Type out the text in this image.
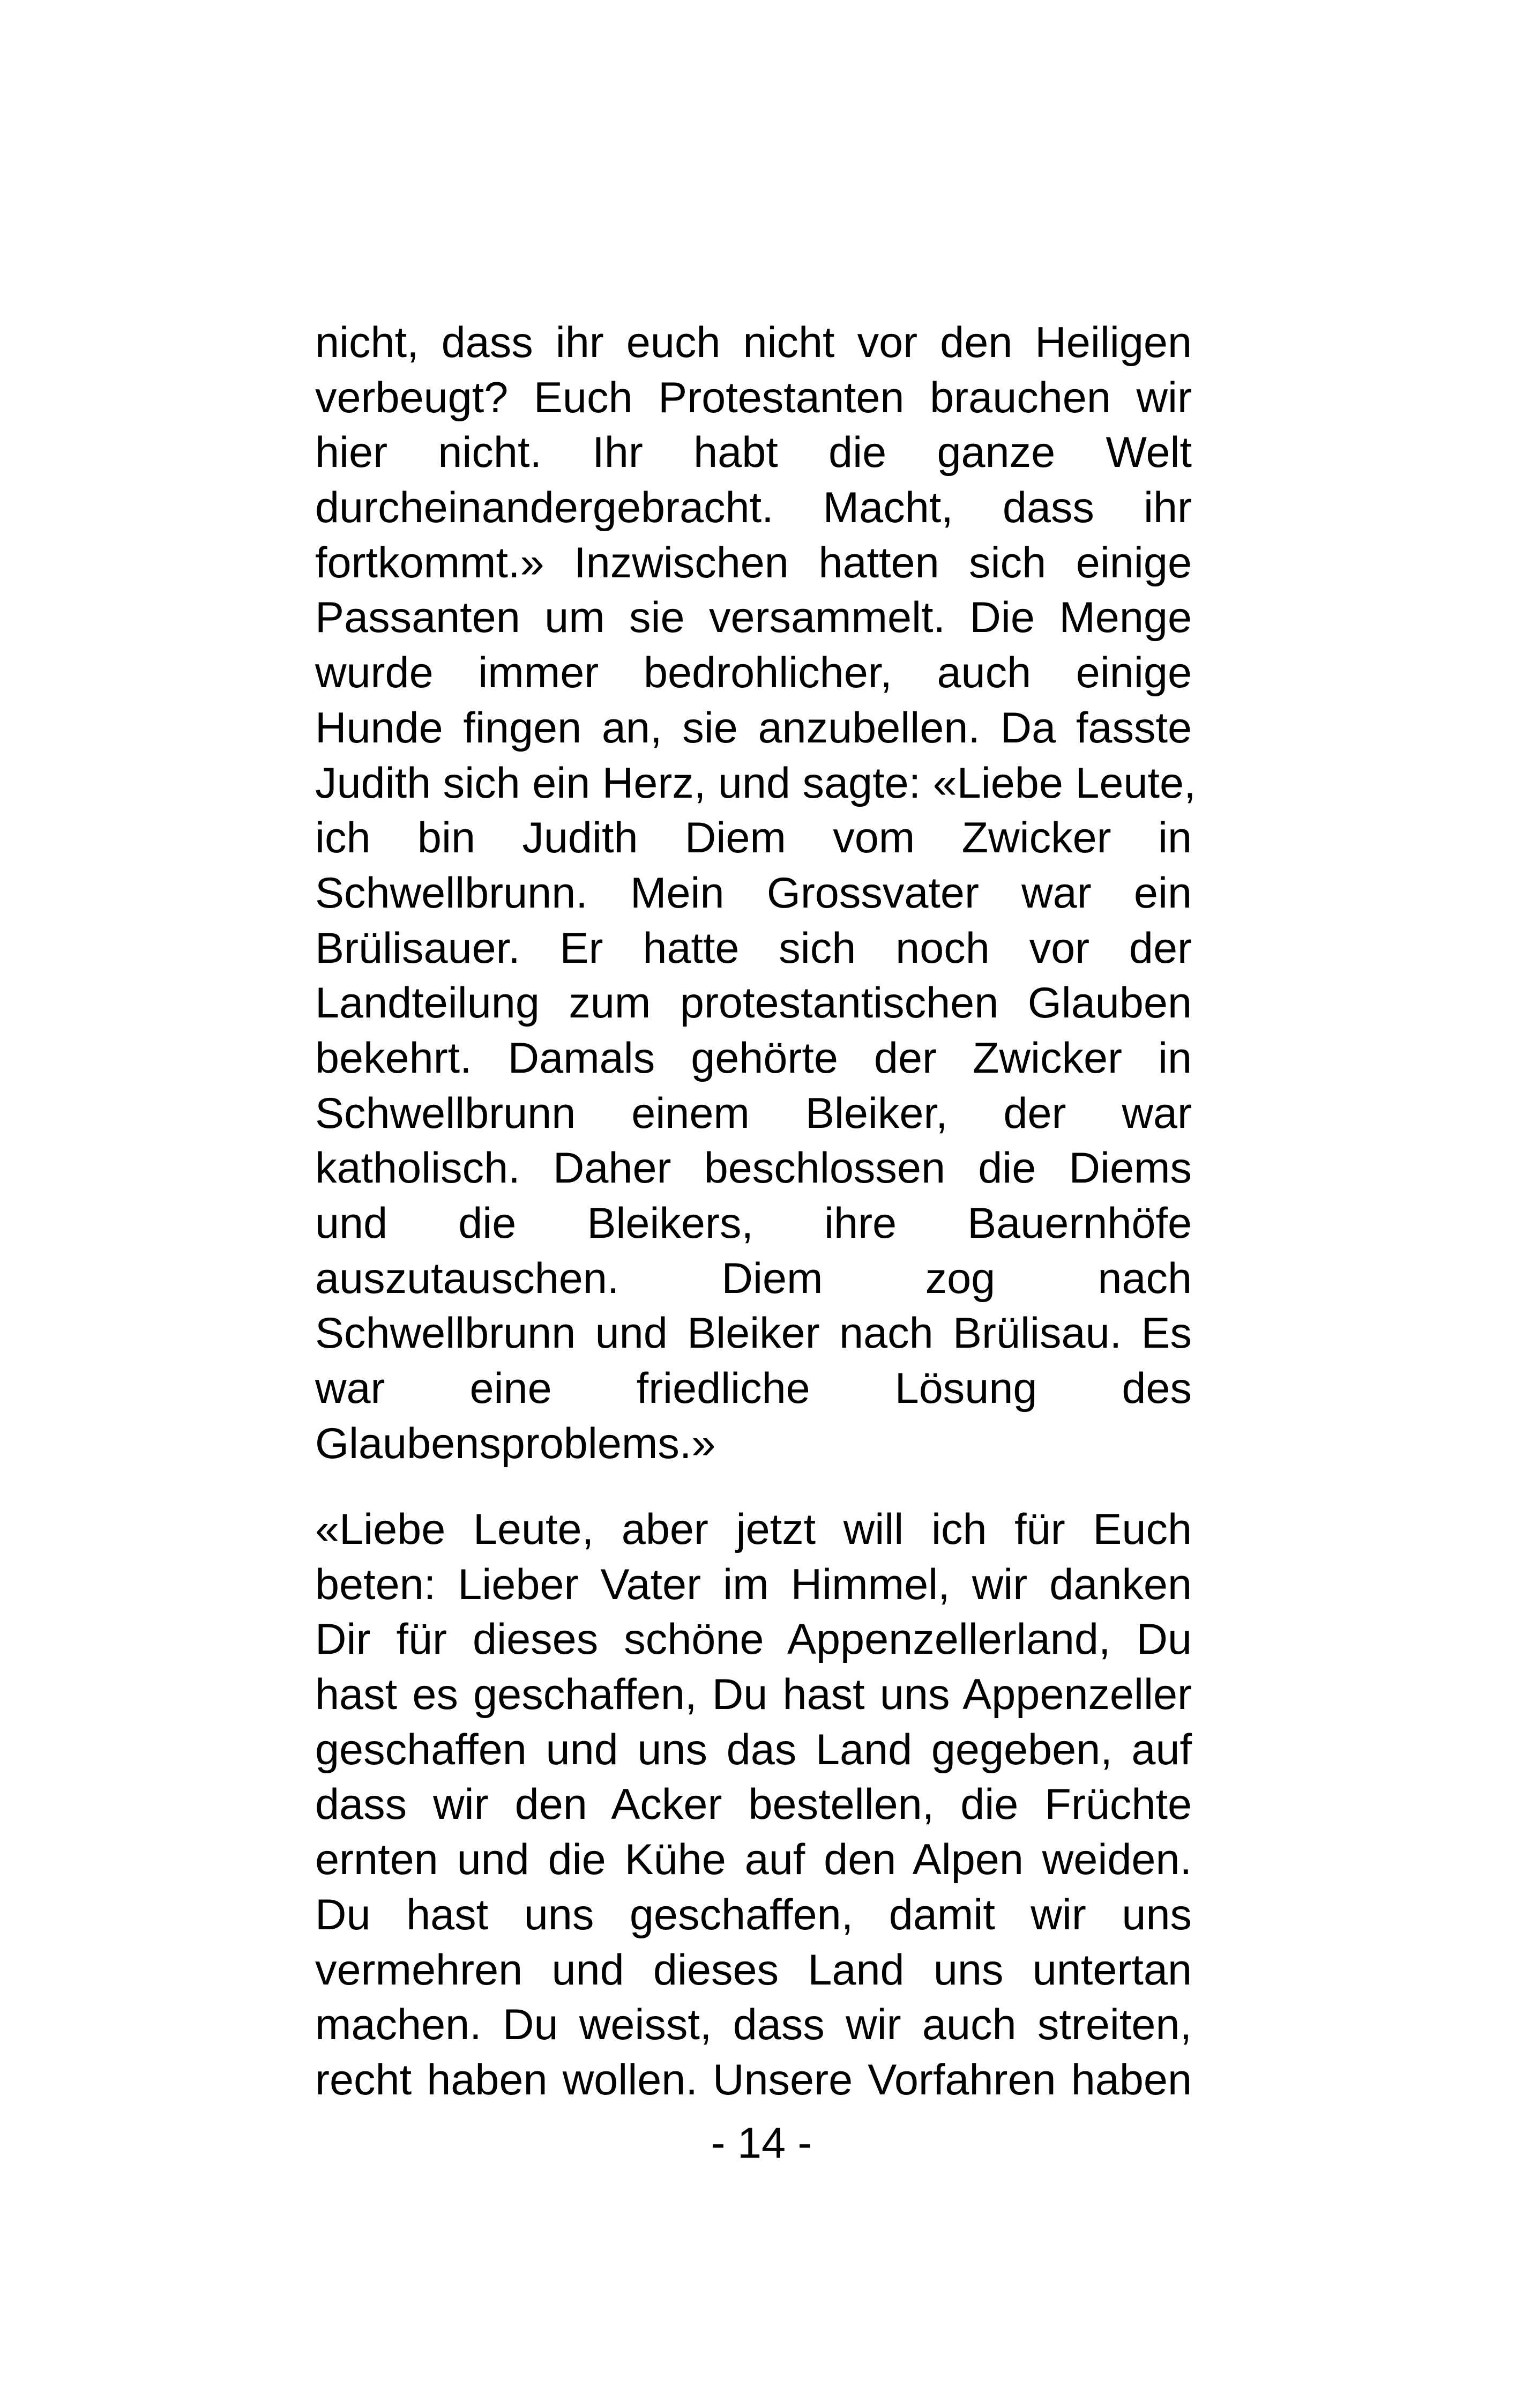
nicht, dass ihr euch nicht vor den Heiligen
verbeugt? Euch Protestanten brauchen wir
hier nicht. Ihr habt die ganze Welt
durcheinandergebracht. Macht, dass ihr
fortkommt.» Inzwischen hatten sich einige
Passanten um sie versammelt. Die Menge
wurde immer bedrohlicher, auch einige
Hunde fingen an, sie anzubellen. Da fasste
Judith sich ein Herz, und sagte: «Liebe Leute,
ich bin Judith Diem vom Zwicker in
Schwellbrunn. Mein Grossvater war ein
Brülisauer. Er hatte sich noch vor der
Landteilung zum protestantischen Glauben
bekehrt. Damals gehörte der Zwicker in
Schwellbrunn einem Bleiker, der war
katholisch. Daher beschlossen die Diems
und die Bleikers, ihre Bauernhöfe
auszutauschen. Diem zog nach
Schwellbrunn und Bleiker nach Brülisau. Es
war eine friedliche Lösung des
Glaubensproblems.»
«Liebe Leute, aber jetzt will ich für Euch
beten: Lieber Vater im Himmel, wir danken
Dir für dieses schöne Appenzellerland, Du
hast es geschaffen, Du hast uns Appenzeller
geschaffen und uns das Land gegeben, auf
dass wir den Acker bestellen, die Früchte
ernten und die Kühe auf den Alpen weiden.
Du hast uns geschaffen, damit wir uns
vermehren und dieses Land uns untertan
machen. Du weisst, dass wir auch streiten,
recht haben wollen. Unsere Vorfahren haben
- 14 -
